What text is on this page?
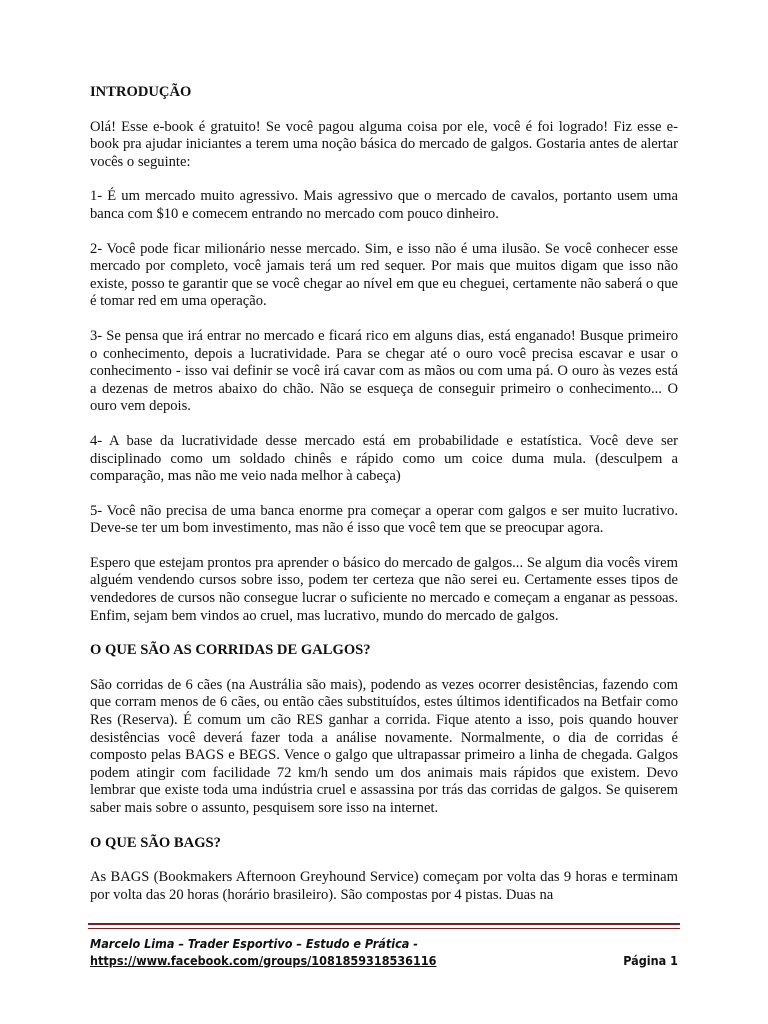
INTRODUÇÃO

Olá! Esse e-book é gratuito! Se você pagou alguma coisa por ele, você é foi logrado! Fiz esse e-book pra ajudar iniciantes a terem uma noção básica do mercado de galgos. Gostaria antes de alertar vocês o seguinte:

1- É um mercado muito agressivo. Mais agressivo que o mercado de cavalos, portanto usem uma banca com $10 e comecem entrando no mercado com pouco dinheiro.

2- Você pode ficar milionário nesse mercado. Sim, e isso não é uma ilusão. Se você conhecer esse mercado por completo, você jamais terá um red sequer. Por mais que muitos digam que isso não existe, posso te garantir que se você chegar ao nível em que eu cheguei, certamente não saberá o que é tomar red em uma operação.

3- Se pensa que irá entrar no mercado e ficará rico em alguns dias, está enganado! Busque primeiro o conhecimento, depois a lucratividade. Para se chegar até o ouro você precisa escavar e usar o conhecimento - isso vai definir se você irá cavar com as mãos ou com uma pá. O ouro às vezes está a dezenas de metros abaixo do chão. Não se esqueça de conseguir primeiro o conhecimento... O ouro vem depois.

4- A base da lucratividade desse mercado está em probabilidade e estatística. Você deve ser disciplinado como um soldado chinês e rápido como um coice duma mula. (desculpem a comparação, mas não me veio nada melhor à cabeça)

5- Você não precisa de uma banca enorme pra começar a operar com galgos e ser muito lucrativo. Deve-se ter um bom investimento, mas não é isso que você tem que se preocupar agora.

Espero que estejam prontos pra aprender o básico do mercado de galgos... Se algum dia vocês virem alguém vendendo cursos sobre isso, podem ter certeza que não serei eu. Certamente esses tipos de vendedores de cursos não consegue lucrar o suficiente no mercado e começam a enganar as pessoas. Enfim, sejam bem vindos ao cruel, mas lucrativo, mundo do mercado de galgos.

O QUE SÃO AS CORRIDAS DE GALGOS?

São corridas de 6 cães (na Austrália são mais), podendo as vezes ocorrer desistências, fazendo com que corram menos de 6 cães, ou então cães substituídos, estes últimos identificados na Betfair como Res (Reserva). É comum um cão RES ganhar a corrida. Fique atento a isso, pois quando houver desistências você deverá fazer toda a análise novamente. Normalmente, o dia de corridas é composto pelas BAGS e BEGS. Vence o galgo que ultrapassar primeiro a linha de chegada. Galgos podem atingir com facilidade 72 km/h sendo um dos animais mais rápidos que existem. Devo lembrar que existe toda uma indústria cruel e assassina por trás das corridas de galgos. Se quiserem saber mais sobre o assunto, pesquisem sore isso na internet.

O QUE SÃO BAGS?

As BAGS (Bookmakers Afternoon Greyhound Service) começam por volta das 9 horas e terminam por volta das 20 horas (horário brasileiro). São compostas por 4 pistas. Duas na

Marcelo Lima – Trader Esportivo – Estudo e Prática -
https://www.facebook.com/groups/1081859318536116	Página 1
